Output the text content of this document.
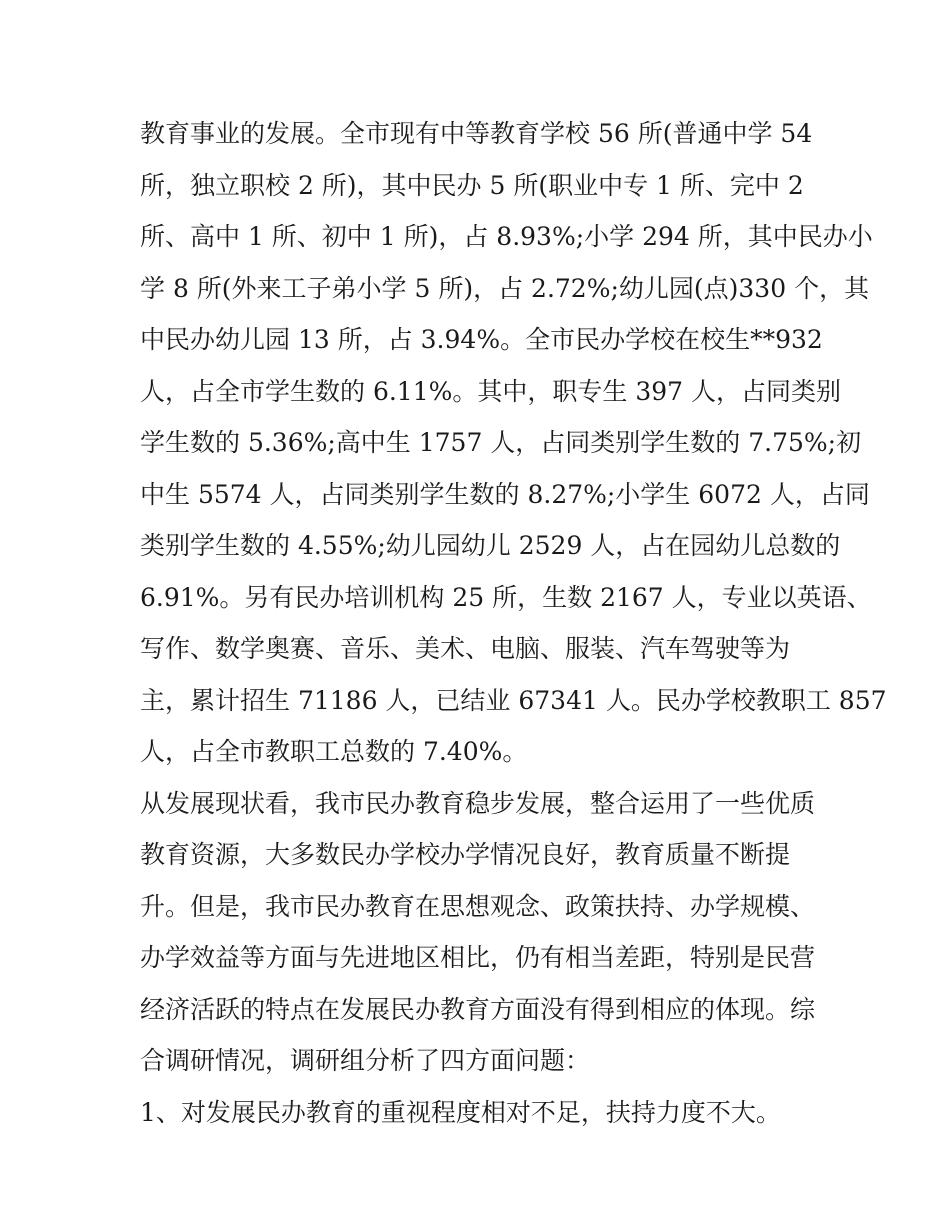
教育事业的发展。全市现有中等教育学校 56 所(普通中学 54
所，独立职校 2 所)，其中民办 5 所(职业中专 1 所、完中 2
所、高中 1 所、初中 1 所)，占 8.93%;小学 294 所，其中民办小
学 8 所(外来工子弟小学 5 所)，占 2.72%;幼儿园(点)330 个，其
中民办幼儿园 13 所，占 3.94%。全市民办学校在校生**932
人，占全市学生数的 6.11%。其中，职专生 397 人，占同类别
学生数的 5.36%;高中生 1757 人，占同类别学生数的 7.75%;初
中生 5574 人，占同类别学生数的 8.27%;小学生 6072 人，占同
类别学生数的 4.55%;幼儿园幼儿 2529 人，占在园幼儿总数的
6.91%。另有民办培训机构 25 所，生数 2167 人，专业以英语、
写作、数学奥赛、音乐、美术、电脑、服装、汽车驾驶等为
主，累计招生 71186 人，已结业 67341 人。民办学校教职工 857
人，占全市教职工总数的 7.40%。
从发展现状看，我市民办教育稳步发展，整合运用了一些优质
教育资源，大多数民办学校办学情况良好，教育质量不断提
升。但是，我市民办教育在思想观念、政策扶持、办学规模、
办学效益等方面与先进地区相比，仍有相当差距，特别是民营
经济活跃的特点在发展民办教育方面没有得到相应的体现。综
合调研情况，调研组分析了四方面问题：
1、对发展民办教育的重视程度相对不足，扶持力度不大。
